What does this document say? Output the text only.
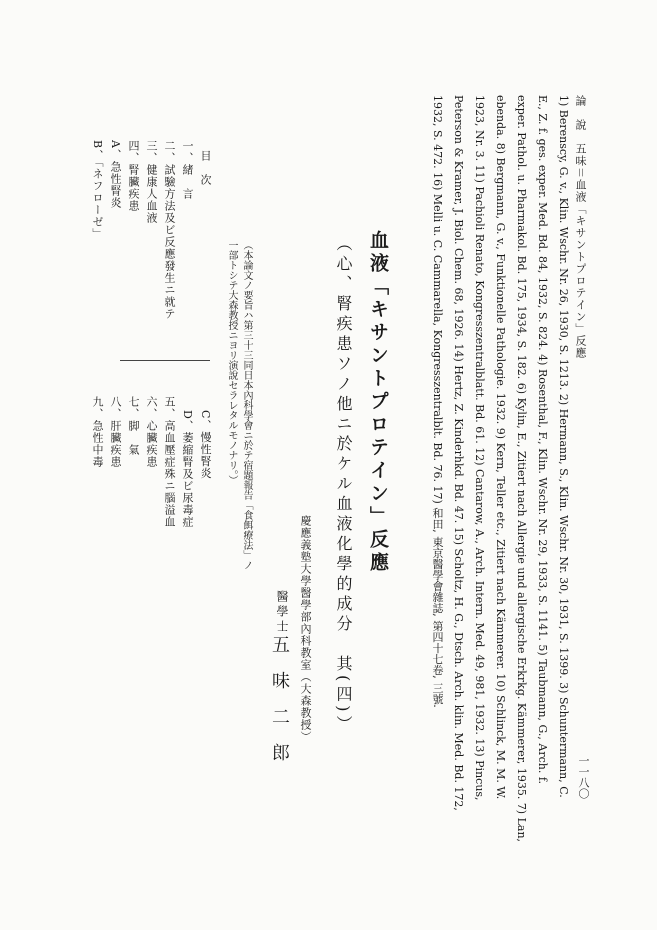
論　說　五味＝血液「キサントプロテイン」反應
一一八〇
1) Berenscy, G. v., Klin. Wschr. Nr. 26, 1930, S. 1213. 2) Hermann, S., Klin. Wschr. Nr. 30, 1931, S. 1399. 3) Schuntermann, C.
E., Z. f. ges. exper. Med. Bd. 84, 1932, S. 824. 4) Rosenthal, F., Klin. Wschr. Nr. 29, 1933, S. 1141. 5) Taubmann, G., Arch. f.
exper. Pathol. u. Pharmakol. Bd. 175, 1934, S. 182. 6) Kylin, E., Zitiert nach Allergie und allergische Erkrkg. Kämmerer, 1935. 7) Lan,
ebenda. 8) Bergmann, G. v., Funktionelle Pathologie. 1932. 9) Kern, Teller etc., Zitiert nach Kämmerer. 10) Schlinck, M. M. W.
1923, Nr. 3. 11) Pachioli Renato, Kongresszentralblatt. Bd. 61. 12) Cantarow, A., Arch. Intern. Med. 49, 981, 1932. 13) Pincus,
Peterson & Kramer, J. Biol. Chem. 68, 1926. 14) Hertz, Z. Kinderhkd. Bd. 47. 15) Scholtz, H. G., Dtsch. Arch. klin. Med. Bd. 172,
1932, S. 472. 16) Melli u. C. Cammarella, Kongresszentralblt. Bd. 76. 17) 和田, 東京醫學會雜誌, 第四十七卷, 三號.
血液「キサントプロテイン」反應
（心、腎疾患ソノ他ニ於ケル血液化學的成分　其(四)）
慶應義塾大學醫學部內科教室（大森教授）
醫學士
五味二郎
（本論文ノ要旨ハ第三十三同日本內科學會ニ於テ宿題報告「食餌療法」ノ
一部トシテ大森教授ニヨリ演說セラレタルモノナリ。）
目　次
一、緒　言
二、試驗方法及ビ反應發生ニ就テ
三、健康人血液
四、腎臟疾患
A、急性腎炎
B、「ネフローゼ」
C、慢性腎炎
D、萎縮腎及ビ尿毒症
五、高血壓症殊ニ腦溢血
六、心臟疾患
七、脚　氣
八、肝臟疾患
九、急性中毒
